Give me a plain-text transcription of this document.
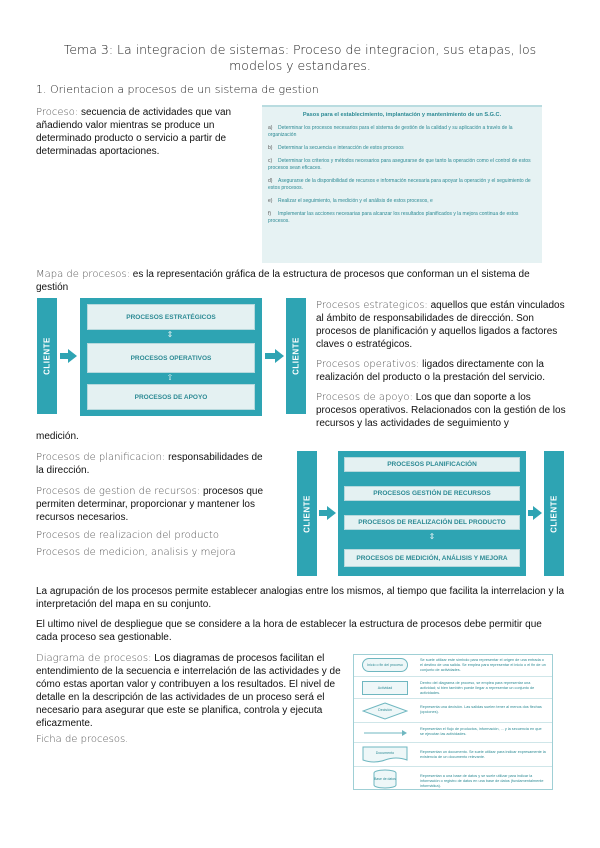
Tema 3: La integracion de sistemas: Proceso de integracion, sus etapas, los modelos y estandares.
1. Orientacion a procesos de un sistema de gestion
Proceso: secuencia de actividades que van añadiendo valor mientras se produce un determinado producto o servicio a partir de determinadas aportaciones.
Pasos para el establecimiento, implantación y mantenimiento de un S.G.C.
a) Determinar los procesos necesarios para el sistema de gestión de la calidad y su aplicación a través de la organización
b) Determinar la secuencia e interacción de estos procesos
c) Determinar los criterios y métodos necesarios para asegurarse de que tanto la operación como el control de estos procesos sean eficaces.
d) Asegurarse de la disponibilidad de recursos e información necesaria para apoyar la operación y el seguimiento de estos procesos.
e) Realizar el seguimiento, la medición y el análisis de estos procesos, e
f) Implementar las acciones necesarias para alcanzar los resultados planificados y la mejora continua de estos procesos.
Mapa de procesos: es la representación gráfica de la estructura de procesos que conforman un el sistema de gestión
CLIENTE
PROCESOS ESTRATÉGICOS
⇕
PROCESOS OPERATIVOS
⇧
PROCESOS DE APOYO
CLIENTE
Procesos estrategicos: aquellos que están vinculados al ámbito de responsabilidades de dirección. Son procesos de planificación y aquellos ligados a factores claves o estratégicos.
Procesos operativos: ligados directamente con la realización del producto o la prestación del servicio.
Procesos de apoyo: Los que dan soporte a los procesos operativos. Relacionados con la gestión de los recursos y las actividades de seguimiento y
medición.
Procesos de planificacion: responsabilidades de la dirección.
Procesos de gestion de recursos: procesos que permiten determinar, proporcionar y mantener los recursos necesarios.
Procesos de realizacion del producto
Procesos de medicion, analisis y mejora
CLIENTE
PROCESOS PLANIFICACIÓN
PROCESOS GESTIÓN DE RECURSOS
PROCESOS DE REALIZACIÓN DEL PRODUCTO
⇕
PROCESOS DE MEDICIÓN, ANÁLISIS Y MEJORA
CLIENTE
La agrupación de los procesos permite establecer analogias entre los mismos, al tiempo que facilita la interrelacion y la interpretación del mapa en su conjunto.
El ultimo nivel de despliegue que se considere a la hora de establecer la estructura de procesos debe permitir que cada proceso sea gestionable.
Diagrama de procesos: Los diagramas de procesos facilitan el entendimiento de la secuencia e interrelación de las actividades y de cómo estas aportan valor y contribuyen a los resultados. El nivel de detalle en la descripción de las actividades de un proceso será el necesario para asegurar que este se planifica, controla y ejecuta eficazmente.
Ficha de procesos.
Inicio o fin del proceso
Se suele utilizar este símbolo para representar el origen de una entrada o el destino de una salida. Se emplea para representar el inicio o el fin de un conjunto de actividades.
Actividad
Dentro del diagrama de proceso, se emplea para representar una actividad; si bien también puede llegar a representar un conjunto de actividades.
Decisión
Representa una decisión. Las salidas suelen tener al menos dos flechas (opciones).
Representan el flujo de productos, información, ... y la secuencia en que se ejecutan las actividades.
Documento	Representan un documento. Se suele utilizar para indicar expresamente la existencia de un documento relevante.
Base de datos
Representan a una base de datos y se suele utilizar para indicar la información o registro de datos en una base de datos (fundamentalmente informática).
